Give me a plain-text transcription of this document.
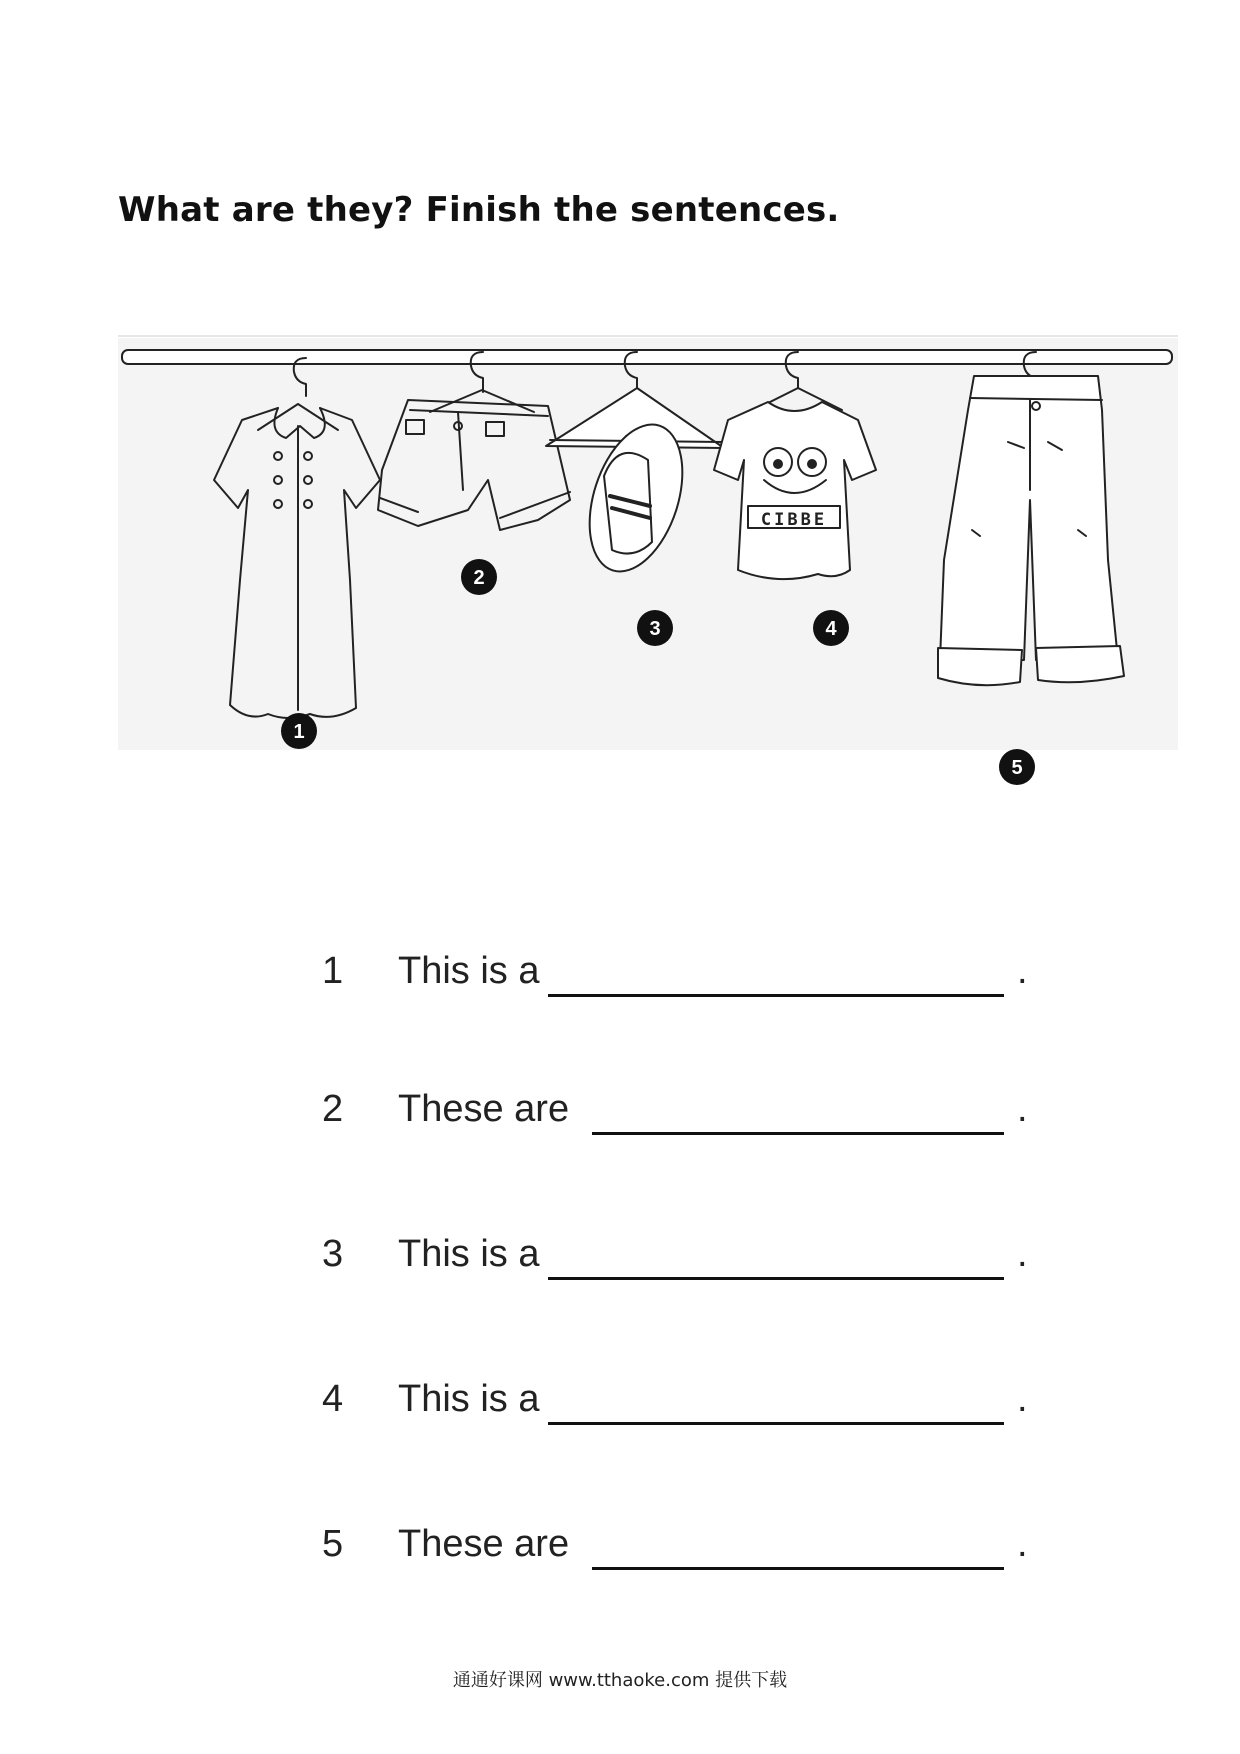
What are they? Finish the sentences.
CIBBE
1
2
3	4
5
1 This is a	.
2 These are	.
3 This is a	.
4 This is a	.
5 These are	.
通通好课网 www.tthaoke.com 提供下载
